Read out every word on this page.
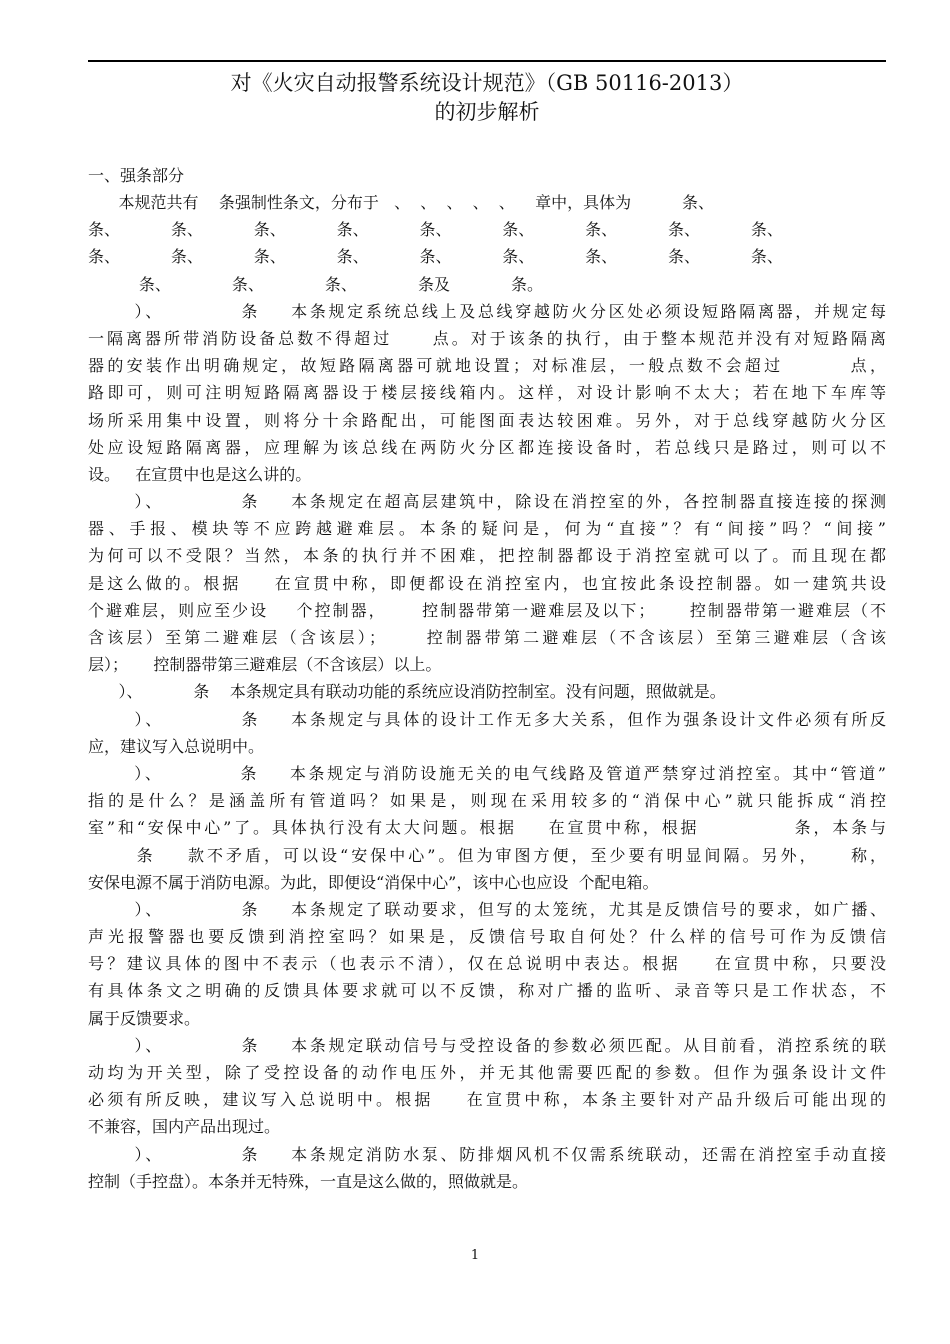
对《火灾自动报警系统设计规范》（GB 50116-2013）
的初步解析
一、强条部分
本规范共有    条强制性条文，分布于   、  、  、  、  、    章中，具体为          条、
条、          条、          条、          条、          条、          条、          条、          条、          条、
条、          条、          条、          条、          条、          条、          条、          条、          条、
条、            条、            条、            条及            条。
）、          条    本条规定系统总线上及总线穿越防火分区处必须设短路隔离器，并规定每
一隔离器所带消防设备总数不得超过     点。对于该条的执行，由于整本规范并没有对短路隔离
器的安装作出明确规定，故短路隔离器可就地设置；对标准层，一般点数不会超过        点，
路即可，则可注明短路隔离器设于楼层接线箱内。这样，对设计影响不太大；若在地下车库等
场所采用集中设置，则将分十余路配出，可能图面表达较困难。另外，对于总线穿越防火分区
处应设短路隔离器，应理解为该总线在两防火分区都连接设备时，若总线只是路过，则可以不
设。   在宣贯中也是这么讲的。
）、          条    本条规定在超高层建筑中，除设在消控室的外，各控制器直接连接的探测
器、手报、模块等不应跨越避难层。本条的疑问是，何为“直接”？有“间接”吗？“间接”
为何可以不受限？当然，本条的执行并不困难，把控制器都设于消控室就可以了。而且现在都
是这么做的。根据    在宣贯中称，即便都设在消控室内，也宜按此条设控制器。如一建筑共设
个避难层，则应至少设    个控制器，     控制器带第一避难层及以下；     控制器带第一避难层（不
含该层）至第二避难层（含该层）；     控制器带第二避难层（不含该层）至第三避难层（含该
层）；     控制器带第三避难层（不含该层）以上。
）、          条    本条规定具有联动功能的系统应设消防控制室。没有问题，照做就是。
）、          条    本条规定与具体的设计工作无多大关系，但作为强条设计文件必须有所反
应，建议写入总说明中。
）、          条    本条规定与消防设施无关的电气线路及管道严禁穿过消控室。其中“管道”
指的是什么？是涵盖所有管道吗？如果是，则现在采用较多的“消保中心”就只能拆成“消控
室”和“安保中心”了。具体执行没有太大问题。根据    在宣贯中称，根据            条，本条与
条    款不矛盾，可以设“安保中心”。但为审图方便，至少要有明显间隔。另外，    称，
安保电源不属于消防电源。为此，即便设“消保中心”，该中心也应设  个配电箱。
）、          条    本条规定了联动要求，但写的太笼统，尤其是反馈信号的要求，如广播、
声光报警器也要反馈到消控室吗？如果是，反馈信号取自何处？什么样的信号可作为反馈信
号？建议具体的图中不表示（也表示不清），仅在总说明中表达。根据    在宣贯中称，只要没
有具体条文之明确的反馈具体要求就可以不反馈，称对广播的监听、录音等只是工作状态，不
属于反馈要求。
）、          条    本条规定联动信号与受控设备的参数必须匹配。从目前看，消控系统的联
动均为开关型，除了受控设备的动作电压外，并无其他需要匹配的参数。但作为强条设计文件
必须有所反映，建议写入总说明中。根据    在宣贯中称，本条主要针对产品升级后可能出现的
不兼容，国内产品出现过。
）、          条    本条规定消防水泵、防排烟风机不仅需系统联动，还需在消控室手动直接
控制（手控盘）。本条并无特殊，一直是这么做的，照做就是。
1
